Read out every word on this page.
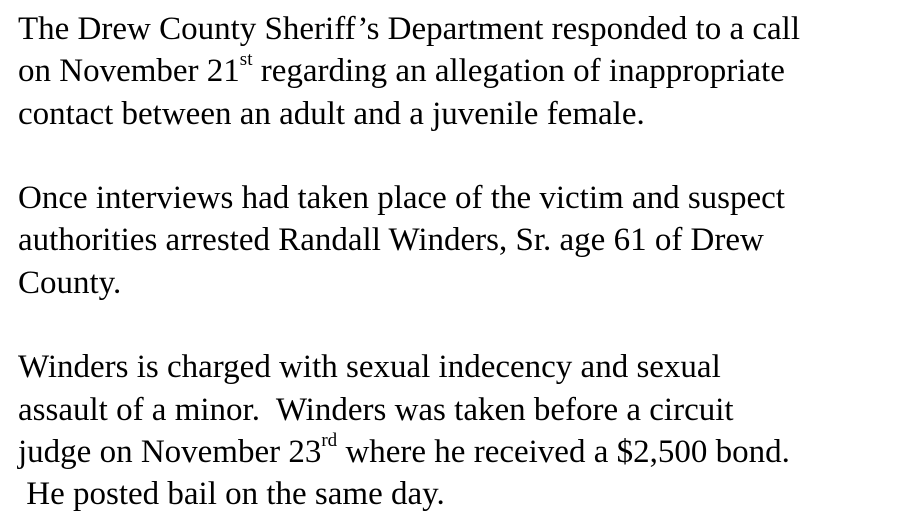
The Drew County Sheriff’s Department responded to a call
on November 21st regarding an allegation of inappropriate
contact between an adult and a juvenile female.
Once interviews had taken place of the victim and suspect
authorities arrested Randall Winders, Sr. age 61 of Drew
County.
Winders is charged with sexual indecency and sexual
assault of a minor.  Winders was taken before a circuit
judge on November 23rd where he received a $2,500 bond.
He posted bail on the same day.
